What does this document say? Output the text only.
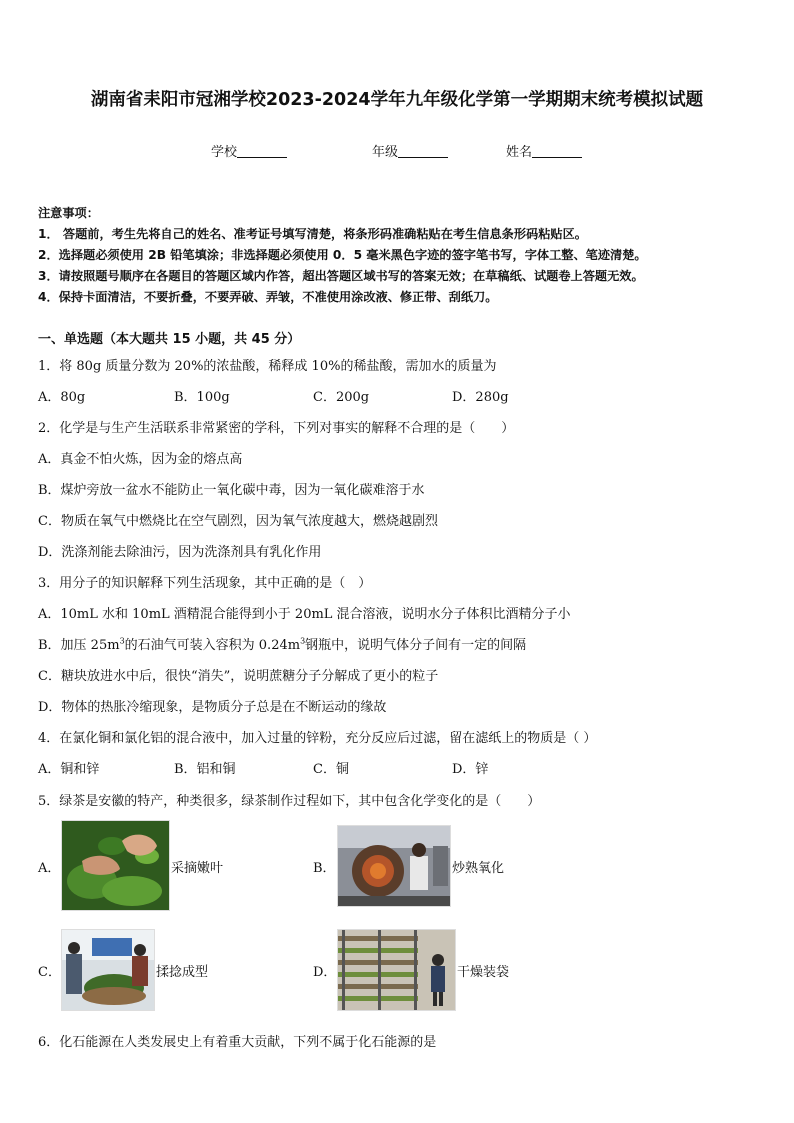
湖南省耒阳市冠湘学校2023-2024学年九年级化学第一学期期末统考模拟试题
学校	年级	姓名
注意事项：
1． 答题前，考生先将自己的姓名、准考证号填写清楚，将条形码准确粘贴在考生信息条形码粘贴区。
2．选择题必须使用 2B 铅笔填涂；非选择题必须使用 0．5 毫米黑色字迹的签字笔书写，字体工整、笔迹清楚。
3．请按照题号顺序在各题目的答题区域内作答，超出答题区域书写的答案无效；在草稿纸、试题卷上答题无效。
4．保持卡面清洁，不要折叠，不要弄破、弄皱，不准使用涂改液、修正带、刮纸刀。
一、单选题（本大题共 15 小题，共 45 分）
1．将 80g 质量分数为 20%的浓盐酸，稀释成 10%的稀盐酸，需加水的质量为
A．80g	B．100g	C．200g	D．280g
2．化学是与生产生活联系非常紧密的学科，下列对事实的解释不合理的是（　　）
A．真金不怕火炼，因为金的熔点高
B．煤炉旁放一盆水不能防止一氧化碳中毒，因为一氧化碳难溶于水
C．物质在氧气中燃烧比在空气剧烈，因为氧气浓度越大，燃烧越剧烈
D．洗涤剂能去除油污，因为洗涤剂具有乳化作用
3．用分子的知识解释下列生活现象，其中正确的是（　）
A．10mL 水和 10mL 酒精混合能得到小于 20mL 混合溶液，说明水分子体积比酒精分子小
B．加压 $25m^3$的石油气可装入容积为 $0.24m^3$钢瓶中，说明气体分子间有一定的间隔
C．糖块放进水中后，很快“消失”，说明蔗糖分子分解成了更小的粒子
D．物体的热胀冷缩现象，是物质分子总是在不断运动的缘故
4．在氯化铜和氯化铝的混合液中，加入过量的锌粉，充分反应后过滤，留在滤纸上的物质是（ ）
A．铜和锌	B．铝和铜	C．铜	D．锌
5．绿茶是安徽的特产，种类很多，绿茶制作过程如下，其中包含化学变化的是（　　）
A．	采摘嫩叶	B．	炒熟氧化
C．	揉捻成型	D．	干燥装袋
6．化石能源在人类发展史上有着重大贡献，下列不属于化石能源的是
